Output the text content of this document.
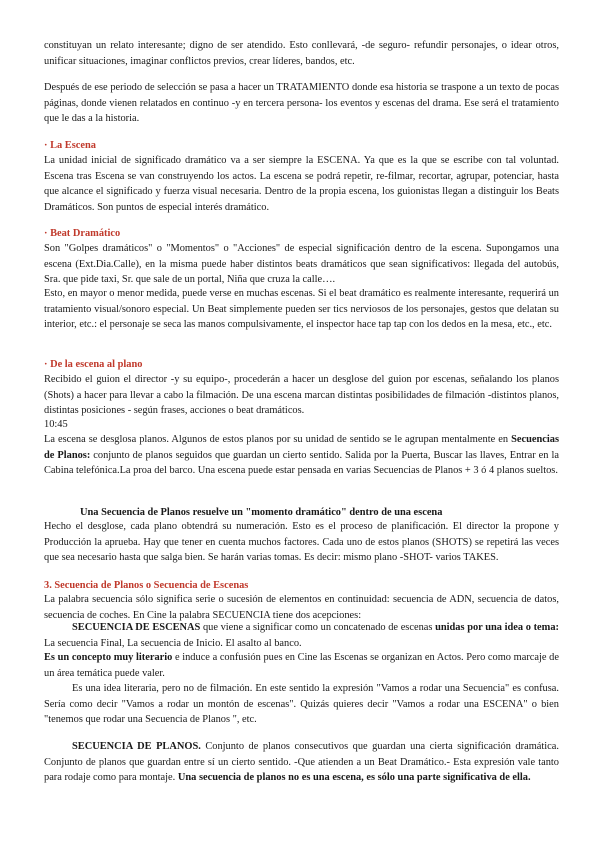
constituyan un relato interesante; digno de ser atendido. Esto conllevará, -de seguro- refundir personajes, o idear otros, unificar situaciones, imaginar conflictos previos, crear líderes, bandos, etc.

Después de ese periodo de selección se pasa a hacer un TRATAMIENTO donde esa historia se traspone a un texto de pocas páginas, donde vienen relatados en continuo -y en tercera persona- los eventos y escenas del drama. Ese será el tratamiento que le das a la historia.

· La Escena

La unidad inicial de significado dramático va a ser siempre la ESCENA. Ya que es la que se escribe con tal voluntad. Escena tras Escena se van construyendo los actos. La escena se podrá repetir, re-filmar, recortar, agrupar, potenciar, hasta que alcance el significado y fuerza visual necesaria. Dentro de la propia escena, los guionistas llegan a distinguir los Beats Dramáticos. Son puntos de especial interés dramático.

· Beat Dramático

Son "Golpes dramáticos" o "Momentos" o "Acciones" de especial significación dentro de la escena. Supongamos una escena (Ext.Dia.Calle), en la misma puede haber distintos beats dramáticos que sean significativos: llegada del autobús, Sra. que pide taxi, Sr. que sale de un portal, Niña que cruza la calle….

Esto, en mayor o menor medida, puede verse en muchas escenas. Si el beat dramático es realmente interesante, requerirá un tratamiento visual/sonoro especial. Un Beat simplemente pueden ser tics nerviosos de los personajes, gestos que delatan su interior, etc.: el personaje se seca las manos compulsivamente, el inspector hace tap tap con los dedos en la mesa, etc., etc.

· De la escena al plano

Recibido el guion el director -y su equipo-, procederán a hacer un desglose del guion por escenas, señalando los planos (Shots) a hacer para llevar a cabo la filmación. De una escena marcan distintas posibilidades de filmación -distintos planos, distintas posiciones - según frases, acciones o beat dramáticos.

10:45

La escena se desglosa planos. Algunos de estos planos por su unidad de sentido se le agrupan mentalmente en Secuencias de Planos: conjunto de planos seguidos que guardan un cierto sentido. Salida por la Puerta, Buscar las llaves, Entrar en la Cabina telefónica.La proa del barco. Una escena puede estar pensada en varias Secuencias de Planos + 3 ó 4 planos sueltos.

Una Secuencia de Planos resuelve un "momento dramático" dentro de una escena

Hecho el desglose, cada plano obtendrá su numeración. Esto es el proceso de planificación. El director la propone y Producción la aprueba. Hay que tener en cuenta muchos factores. Cada uno de estos planos (SHOTS) se repetirá las veces que sea necesario hasta que salga bien. Se harán varias tomas. Es decir: mismo plano -SHOT- varios TAKES.

3. Secuencia de Planos o Secuencia de Escenas

La palabra secuencia sólo significa serie o sucesión de elementos en continuidad: secuencia de ADN, secuencia de datos, secuencia de coches. En Cine la palabra SECUENCIA tiene dos acepciones:

SECUENCIA DE ESCENAS que viene a significar como un concatenado de escenas unidas por una idea o tema: La secuencia Final, La secuencia de Inicio. El asalto al banco.

Es un concepto muy literario e induce a confusión pues en Cine las Escenas se organizan en Actos. Pero como marcaje de un área temática puede valer.

Es una idea literaria, pero no de filmación. En este sentido la expresión "Vamos a rodar una Secuencia" es confusa. Sería como decir "Vamos a rodar un montón de escenas". Quizás quieres decir "Vamos a rodar una ESCENA" o bien "tenemos que rodar una Secuencia de Planos ", etc.

SECUENCIA DE PLANOS. Conjunto de planos consecutivos que guardan una cierta significación dramática. Conjunto de planos que guardan entre sí un cierto sentido. -Que atienden a un Beat Dramático.- Esta expresión vale tanto para rodaje como para montaje. Una secuencia de planos no es una escena, es sólo una parte significativa de ella.
